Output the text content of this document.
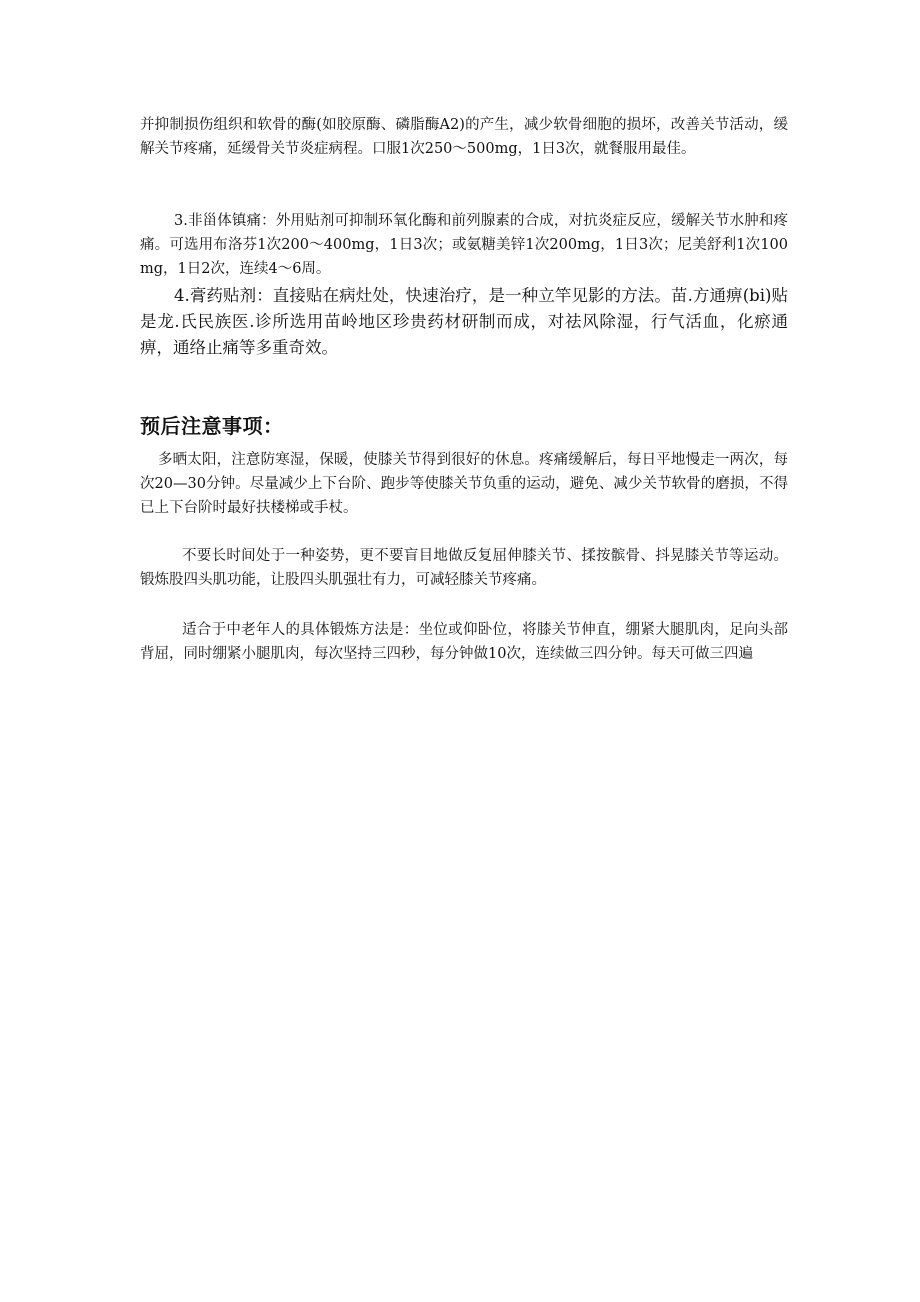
并抑制损伤组织和软骨的酶(如胶原酶、磷脂酶A2)的产生，减少软骨细胞的损坏，改善关节活动，缓解关节疼痛，延缓骨关节炎症病程。口服1次250～500mg，1日3次，就餐服用最佳。

3.非甾体镇痛：外用贴剂可抑制环氧化酶和前列腺素的合成，对抗炎症反应，缓解关节水肿和疼痛。可选用布洛芬1次200～400mg，1日3次；或氨糖美锌1次200mg，1日3次；尼美舒利1次100mg，1日2次，连续4～6周。

4.膏药贴剂：直接贴在病灶处，快速治疗，是一种立竿见影的方法。苗.方通痹(bi)贴是龙.氏民族医.诊所选用苗岭地区珍贵药材研制而成，对祛风除湿，行气活血，化瘀通痹，通络止痛等多重奇效。

预后注意事项：

多晒太阳，注意防寒湿，保暖，使膝关节得到很好的休息。疼痛缓解后，每日平地慢走一两次，每次20—30分钟。尽量减少上下台阶、跑步等使膝关节负重的运动，避免、减少关节软骨的磨损，不得已上下台阶时最好扶楼梯或手杖。

不要长时间处于一种姿势，更不要盲目地做反复屈伸膝关节、揉按髌骨、抖晃膝关节等运动。锻炼股四头肌功能，让股四头肌强壮有力，可减轻膝关节疼痛。

适合于中老年人的具体锻炼方法是：坐位或仰卧位，将膝关节伸直，绷紧大腿肌肉，足向头部背屈，同时绷紧小腿肌肉，每次坚持三四秒，每分钟做10次，连续做三四分钟。每天可做三四遍
